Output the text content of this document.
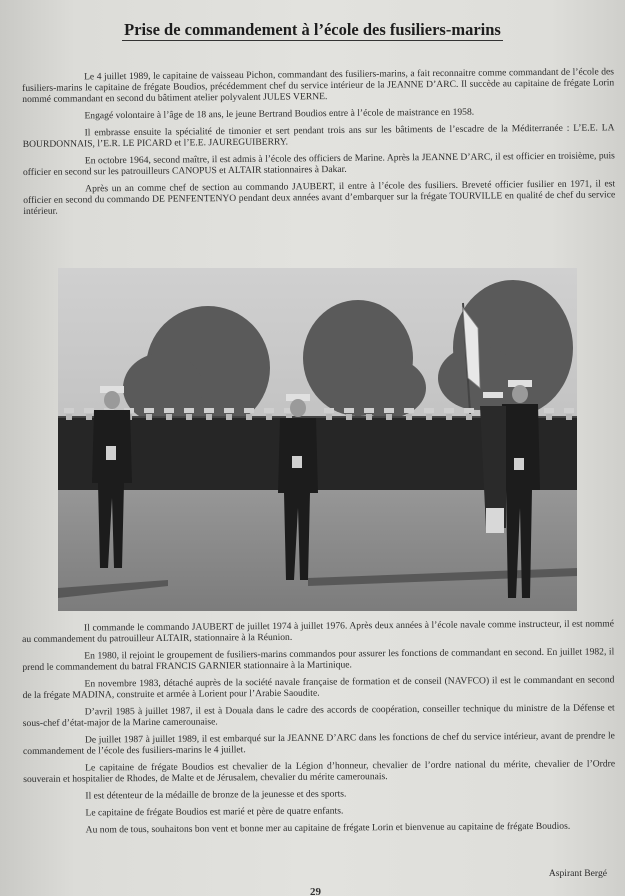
Prise de commandement à l’école des fusiliers-marins

Le 4 juillet 1989, le capitaine de vaisseau Pichon, commandant des fusiliers-marins, a fait reconnaitre comme commandant de l’école des fusiliers-marins le capitaine de frégate Boudios, précédemment chef du service intérieur de la JEANNE D’ARC. Il succède au capitaine de frégate Lorin nommé commandant en second du bâtiment atelier polyvalent JULES VERNE.

Engagé volontaire à l’âge de 18 ans, le jeune Bertrand Boudios entre à l’école de maistrance en 1958.

Il embrasse ensuite la spécialité de timonier et sert pendant trois ans sur les bâtiments de l’escadre de la Méditerranée : L’E.E. LA BOURDONNAIS, l’E.R. LE PICARD et l’E.E. JAUREGUIBERRY.

En octobre 1964, second maître, il est admis à l’école des officiers de Marine. Après la JEANNE D’ARC, il est officier en troisième, puis officier en second sur les patrouilleurs CANOPUS et ALTAIR stationnaires à Dakar.

Après un an comme chef de section au commando JAUBERT, il entre à l’école des fusiliers. Breveté officier fusilier en 1971, il est officier en second du commando DE PENFENTENYO pendant deux années avant d’embarquer sur la frégate TOURVILLE en qualité de chef du service intérieur.

Il commande le commando JAUBERT de juillet 1974 à juillet 1976. Après deux années à l’école navale comme instructeur, il est nommé au commandement du patrouilleur ALTAIR, stationnaire à la Réunion.

En 1980, il rejoint le groupement de fusiliers-marins commandos pour assurer les fonctions de commandant en second. En juillet 1982, il prend le commandement du batral FRANCIS GARNIER stationnaire à la Martinique.

En novembre 1983, détaché auprès de la société navale française de formation et de conseil (NAVFCO) il est le commandant en second de la frégate MADINA, construite et armée à Lorient pour l’Arabie Saoudite.

D’avril 1985 à juillet 1987, il est à Douala dans le cadre des accords de coopération, conseiller technique du ministre de la Défense et sous-chef d’état-major de la Marine camerounaise.

De juillet 1987 à juillet 1989, il est embarqué sur la JEANNE D’ARC dans les fonctions de chef du service intérieur, avant de prendre le commandement de l’école des fusiliers-marins le 4 juillet.

Le capitaine de frégate Boudios est chevalier de la Légion d’honneur, chevalier de l’ordre national du mérite, chevalier de l’Ordre souverain et hospitalier de Rhodes, de Malte et de Jérusalem, chevalier du mérite camerounais.

Il est détenteur de la médaille de bronze de la jeunesse et des sports.

Le capitaine de frégate Boudios est marié et père de quatre enfants.

Au nom de tous, souhaitons bon vent et bonne mer au capitaine de frégate Lorin et bienvenue au capitaine de frégate Boudios.

Aspirant Bergé
29
